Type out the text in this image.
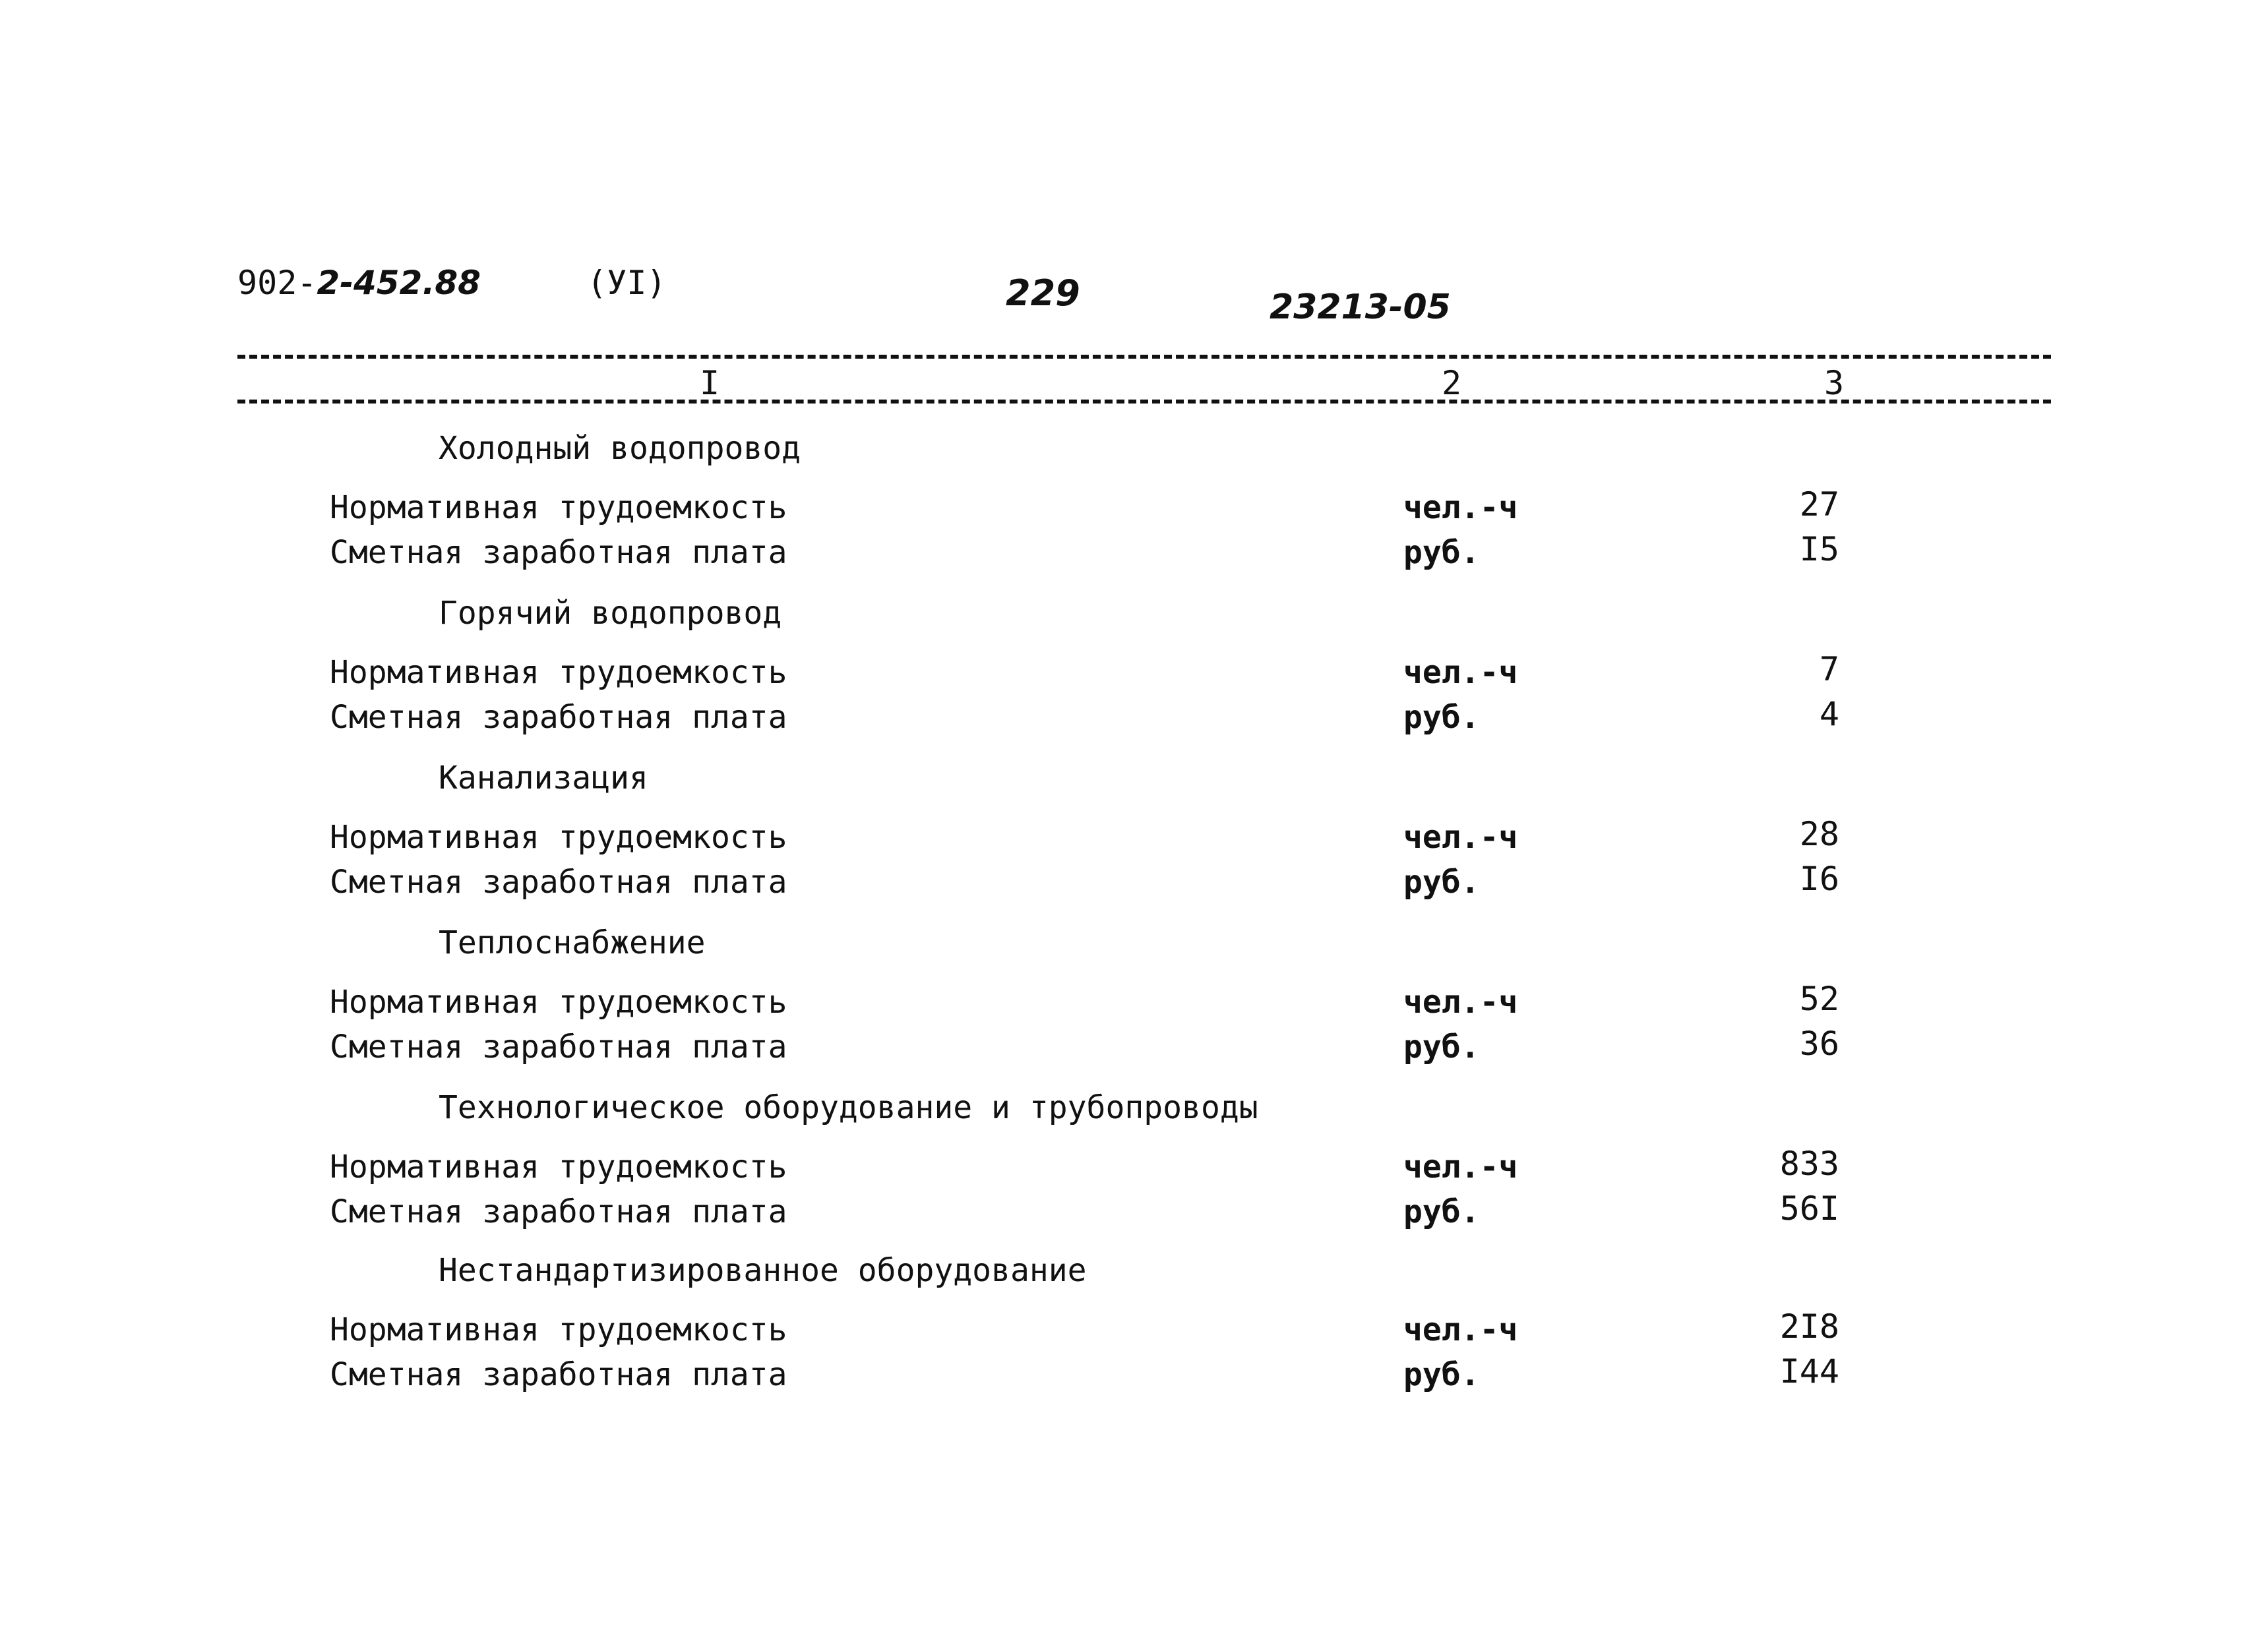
902-2-452.88	(УI)	229	23213-05
I	2	3
Холодный водопровод
Нормативная трудоемкость	чел.-ч	27
Сметная заработная плата	руб.	I5
Горячий водопровод
Нормативная трудоемкость	чел.-ч	7
Сметная заработная плата	руб.	4
Канализация
Нормативная трудоемкость	чел.-ч	28
Сметная заработная плата	руб.	I6
Теплоснабжение
Нормативная трудоемкость	чел.-ч	52
Сметная заработная плата	руб.	36
Технологическое оборудование и трубопроводы
Нормативная трудоемкость	чел.-ч	833
Сметная заработная плата	руб.	56I
Нестандартизированное оборудование
Нормативная трудоемкость	чел.-ч	2I8
Сметная заработная плата	руб.	I44
